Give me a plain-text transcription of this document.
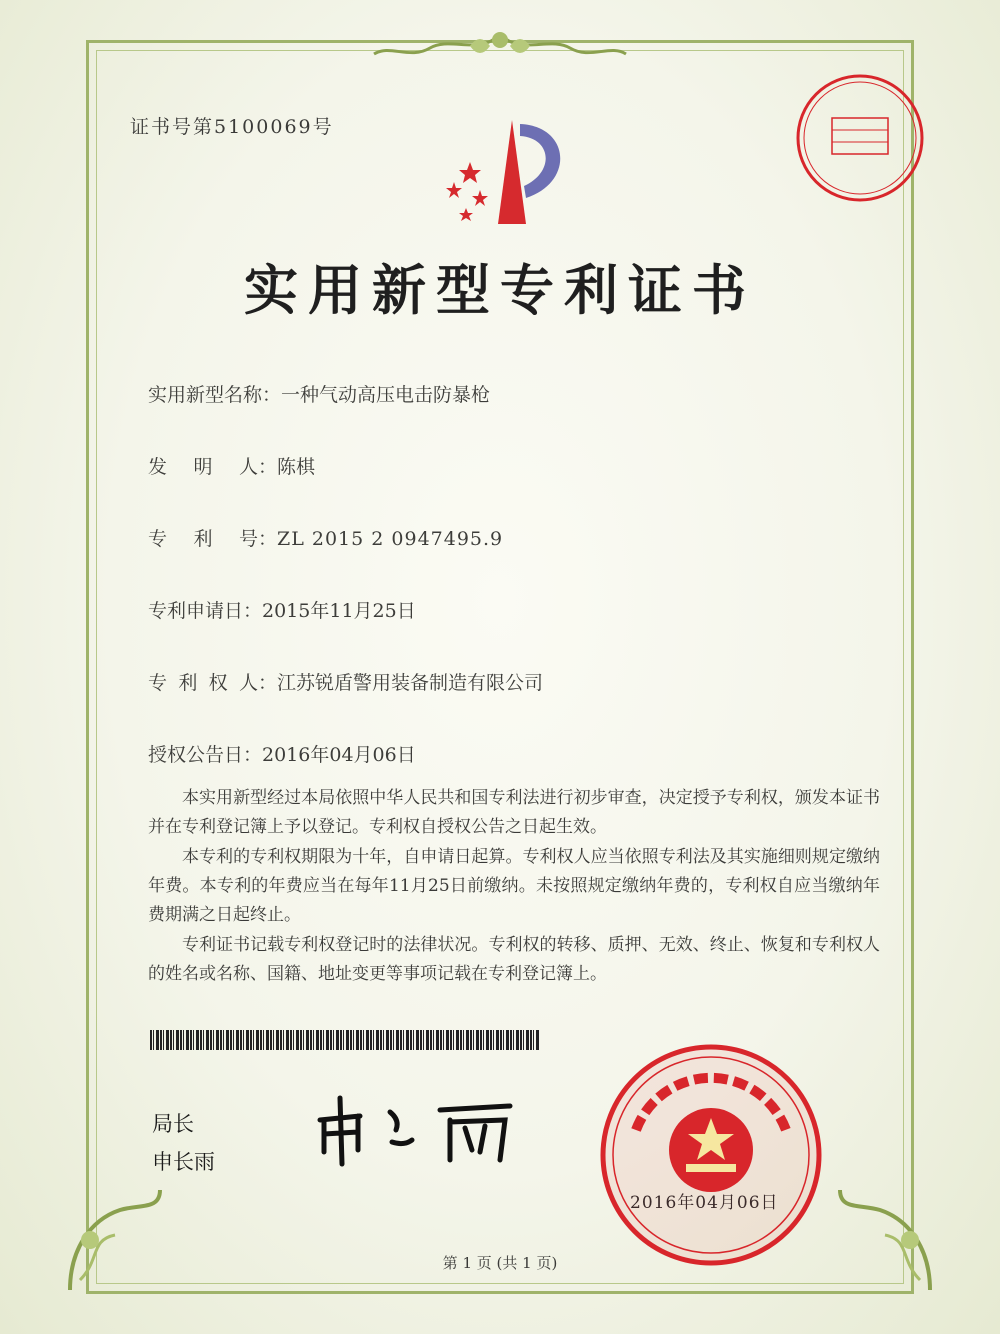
证书号第5100069号
实用新型专利证书
实用新型名称：一种气动高压电击防暴枪
发 明 人 ：陈棋
专 利 号 ：ZL 2015 2 0947495.9
专利申请日：2015年11月25日
专 利 权 人 ：江苏锐盾警用装备制造有限公司
授权公告日：2016年04月06日

本实用新型经过本局依照中华人民共和国专利法进行初步审查，决定授予专利权，颁发本证书并在专利登记簿上予以登记。专利权自授权公告之日起生效。

本专利的专利权期限为十年，自申请日起算。专利权人应当依照专利法及其实施细则规定缴纳年费。本专利的年费应当在每年11月25日前缴纳。未按照规定缴纳年费的，专利权自应当缴纳年费期满之日起终止。

专利证书记载专利权登记时的法律状况。专利权的转移、质押、无效、终止、恢复和专利权人的姓名或名称、国籍、地址变更等事项记载在专利登记簿上。

局长
申长雨
2016年04月06日
第 1 页 (共 1 页)
